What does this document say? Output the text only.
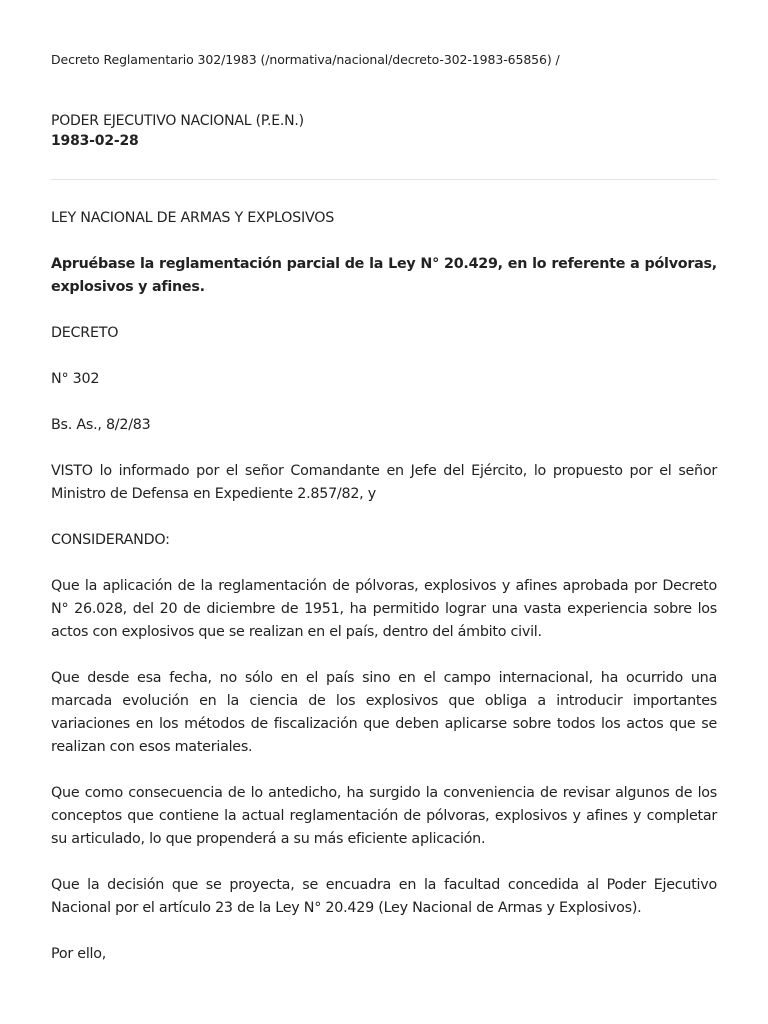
Decreto Reglamentario 302/1983 (/normativa/nacional/decreto-302-1983-65856) /
PODER EJECUTIVO NACIONAL (P.E.N.)
1983-02-28

LEY NACIONAL DE ARMAS Y EXPLOSIVOS

Apruébase la reglamentación parcial de la Ley N° 20.429, en lo referente a pólvoras, explosivos y afines.

DECRETO

N° 302

Bs. As., 8/2/83

VISTO lo informado por el señor Comandante en Jefe del Ejército, lo propuesto por el señor Ministro de Defensa en Expediente 2.857/82, y

CONSIDERANDO:

Que la aplicación de la reglamentación de pólvoras, explosivos y afines aprobada por Decreto N° 26.028, del 20 de diciembre de 1951, ha permitido lograr una vasta experiencia sobre los actos con explosivos que se realizan en el país, dentro del ámbito civil.

Que desde esa fecha, no sólo en el país sino en el campo internacional, ha ocurrido una marcada evolución en la ciencia de los explosivos que obliga a introducir importantes variaciones en los métodos de fiscalización que deben aplicarse sobre todos los actos que se realizan con esos materiales.

Que como consecuencia de lo antedicho, ha surgido la conveniencia de revisar algunos de los conceptos que contiene la actual reglamentación de pólvoras, explosivos y afines y completar su articulado, lo que propenderá a su más eficiente aplicación.

Que la decisión que se proyecta, se encuadra en la facultad concedida al Poder Ejecutivo Nacional por el artículo 23 de la Ley N° 20.429 (Ley Nacional de Armas y Explosivos).

Por ello,
